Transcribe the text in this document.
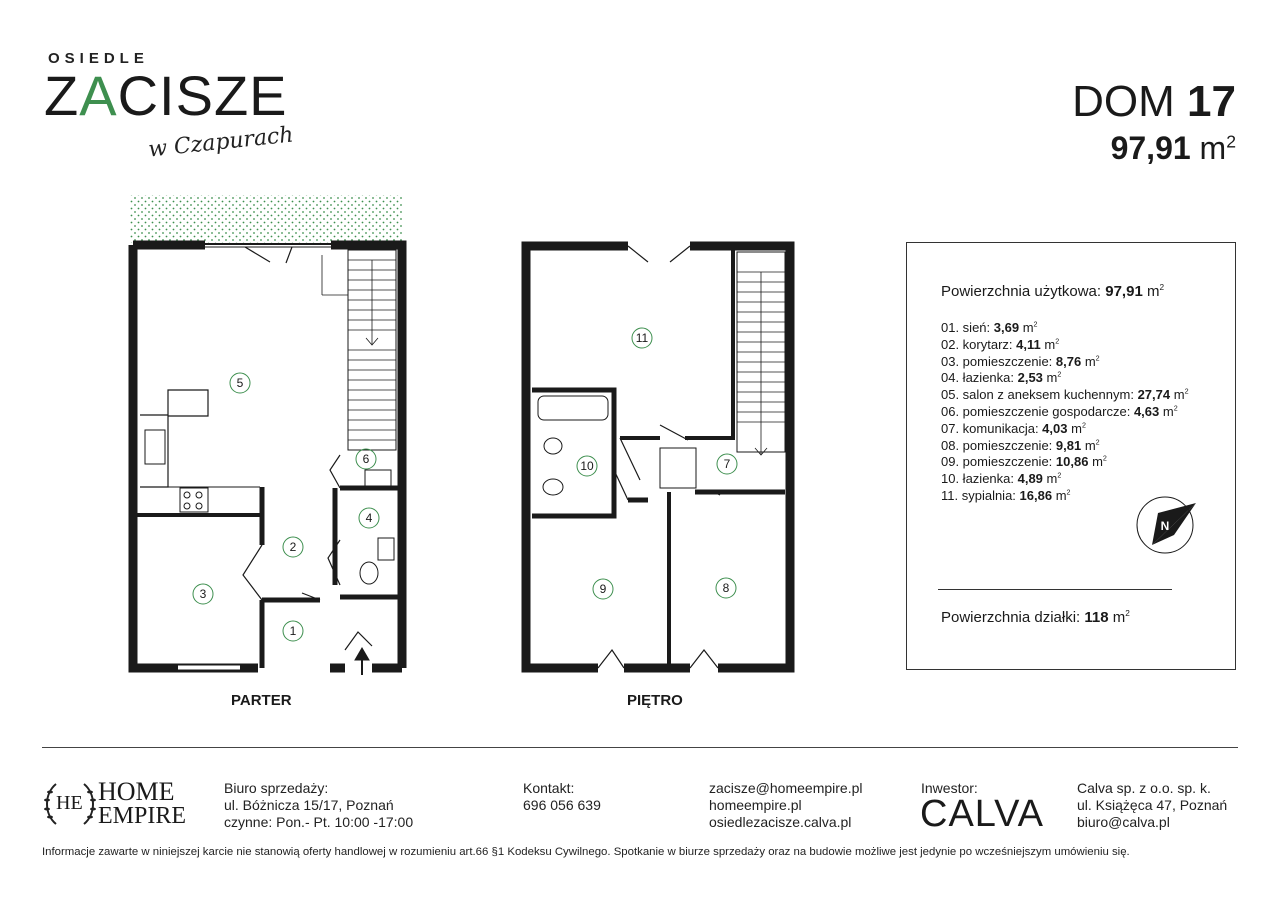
OSIEDLE
ZACISZE
w Czapurach
DOM 17
97,91 $m^2$
5
6
4
2
3
1
11
10	7
9	8
PARTER	PIĘTRO
Powierzchnia użytkowa: 97,91 $m^2$
01. sień: 3,69 $m^2$
02. korytarz: 4,11 $m^2$
03. pomieszczenie: 8,76 $m^2$
04. łazienka: 2,53 $m^2$
05. salon z aneksem kuchennym: 27,74 $m^2$
06. pomieszczenie gospodarcze: 4,63 $m^2$
07. komunikacja: 4,03 $m^2$
08. pomieszczenie: 9,81 $m^2$
09. pomieszczenie: 10,86 $m^2$
10. łazienka: 4,89 $m^2$
11. sypialnia: 16,86 $m^2$
N
Powierzchnia działki: 118 $m^2$
HE HOME
EMPIRE
Biuro sprzedaży:
ul. Bóżnicza 15/17, Poznań
czynne: Pon.- Pt. 10:00 -17:00
Kontakt:
696 056 639
zacisze@homeempire.pl
homeempire.pl
osiedlezacisze.calva.pl
Inwestor:
CALVA
Calva sp. z o.o. sp. k.
ul. Książęca 47, Poznań
biuro@calva.pl
Informacje zawarte w niniejszej karcie nie stanowią oferty handlowej w rozumieniu art.66 §1 Kodeksu Cywilnego. Spotkanie w biurze sprzedaży oraz na budowie możliwe jest jedynie po wcześniejszym umówieniu się.
